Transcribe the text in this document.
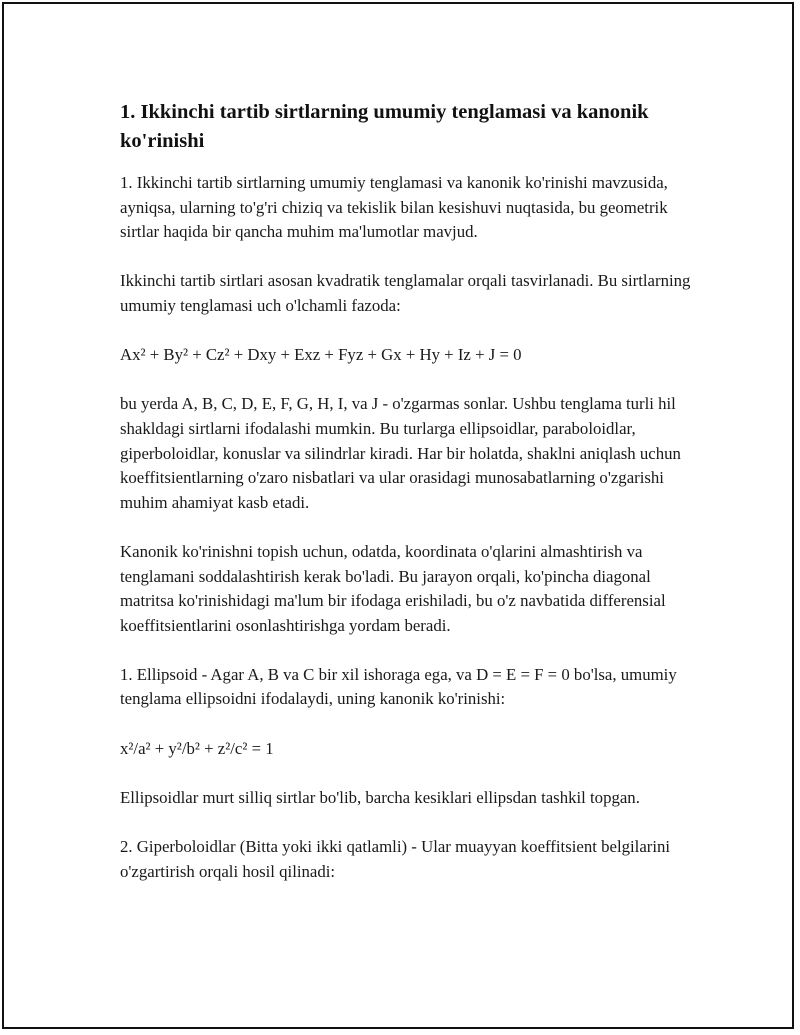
1. Ikkinchi tartib sirtlarning umumiy tenglamasi va kanonik ko'rinishi

1. Ikkinchi tartib sirtlarning umumiy tenglamasi va kanonik ko'rinishi mavzusida, ayniqsa, ularning to'g'ri chiziq va tekislik bilan kesishuvi nuqtasida, bu geometrik sirtlar haqida bir qancha muhim ma'lumotlar mavjud.

Ikkinchi tartib sirtlari asosan kvadratik tenglamalar orqali tasvirlanadi. Bu sirtlarning umumiy tenglamasi uch o'lchamli fazoda:

Ax² + By² + Cz² + Dxy + Exz + Fyz + Gx + Hy + Iz + J = 0

bu yerda A, B, C, D, E, F, G, H, I, va J - o'zgarmas sonlar. Ushbu tenglama turli hil shakldagi sirtlarni ifodalashi mumkin. Bu turlarga ellipsoidlar, paraboloidlar, giperboloidlar, konuslar va silindrlar kiradi. Har bir holatda, shaklni aniqlash uchun koeffitsientlarning o'zaro nisbatlari va ular orasidagi munosabatlarning o'zgarishi muhim ahamiyat kasb etadi.

Kanonik ko'rinishni topish uchun, odatda, koordinata o'qlarini almashtirish va tenglamani soddalashtirish kerak bo'ladi. Bu jarayon orqali, ko'pincha diagonal matritsa ko'rinishidagi ma'lum bir ifodaga erishiladi, bu o'z navbatida differensial koeffitsientlarini osonlashtirishga yordam beradi.

1. Ellipsoid - Agar A, B va C bir xil ishoraga ega, va D = E = F = 0 bo'lsa, umumiy tenglama ellipsoidni ifodalaydi, uning kanonik ko'rinishi:

x²/a² + y²/b² + z²/c² = 1

Ellipsoidlar murt silliq sirtlar bo'lib, barcha kesiklari ellipsdan tashkil topgan.

2. Giperboloidlar (Bitta yoki ikki qatlamli) - Ular muayyan koeffitsient belgilarini o'zgartirish orqali hosil qilinadi:
